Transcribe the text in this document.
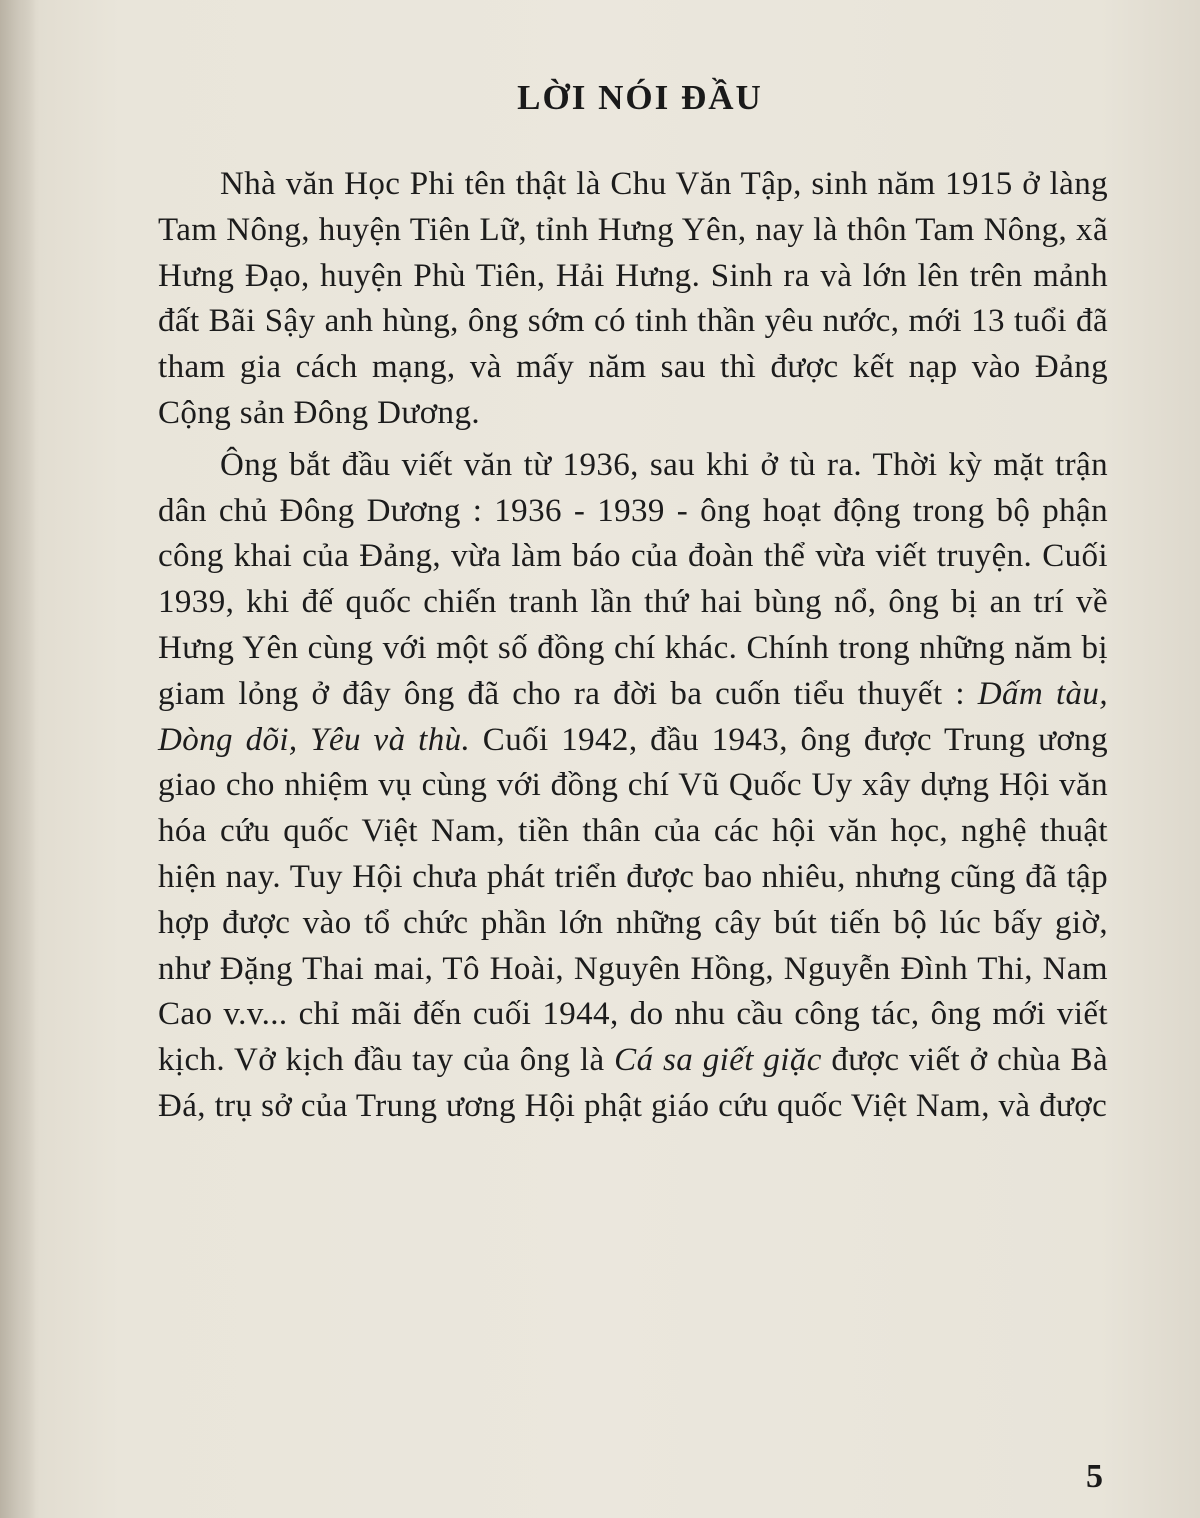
LỜI NÓI ĐẦU

Nhà văn Học Phi tên thật là Chu Văn Tập, sinh năm 1915 ở làng Tam Nông, huyện Tiên Lữ, tỉnh Hưng Yên, nay là thôn Tam Nông, xã Hưng Đạo, huyện Phù Tiên, Hải Hưng. Sinh ra và lớn lên trên mảnh đất Bãi Sậy anh hùng, ông sớm có tinh thần yêu nước, mới 13 tuổi đã tham gia cách mạng, và mấy năm sau thì được kết nạp vào Đảng Cộng sản Đông Dương.

Ông bắt đầu viết văn từ 1936, sau khi ở tù ra. Thời kỳ mặt trận dân chủ Đông Dương : 1936 - 1939 - ông hoạt động trong bộ phận công khai của Đảng, vừa làm báo của đoàn thể vừa viết truyện. Cuối 1939, khi đế quốc chiến tranh lần thứ hai bùng nổ, ông bị an trí về Hưng Yên cùng với một số đồng chí khác. Chính trong những năm bị giam lỏng ở đây ông đã cho ra đời ba cuốn tiểu thuyết : Dấm tàu, Dòng dõi, Yêu và thù. Cuối 1942, đầu 1943, ông được Trung ương giao cho nhiệm vụ cùng với đồng chí Vũ Quốc Uy xây dựng Hội văn hóa cứu quốc Việt Nam, tiền thân của các hội văn học, nghệ thuật hiện nay. Tuy Hội chưa phát triển được bao nhiêu, nhưng cũng đã tập hợp được vào tổ chức phần lớn những cây bút tiến bộ lúc bấy giờ, như Đặng Thai mai, Tô Hoài, Nguyên Hồng, Nguyễn Đình Thi, Nam Cao v.v... chỉ mãi đến cuối 1944, do nhu cầu công tác, ông mới viết kịch. Vở kịch đầu tay của ông là Cá sa giết giặc được viết ở chùa Bà Đá, trụ sở của Trung ương Hội phật giáo cứu quốc Việt Nam, và được

5
